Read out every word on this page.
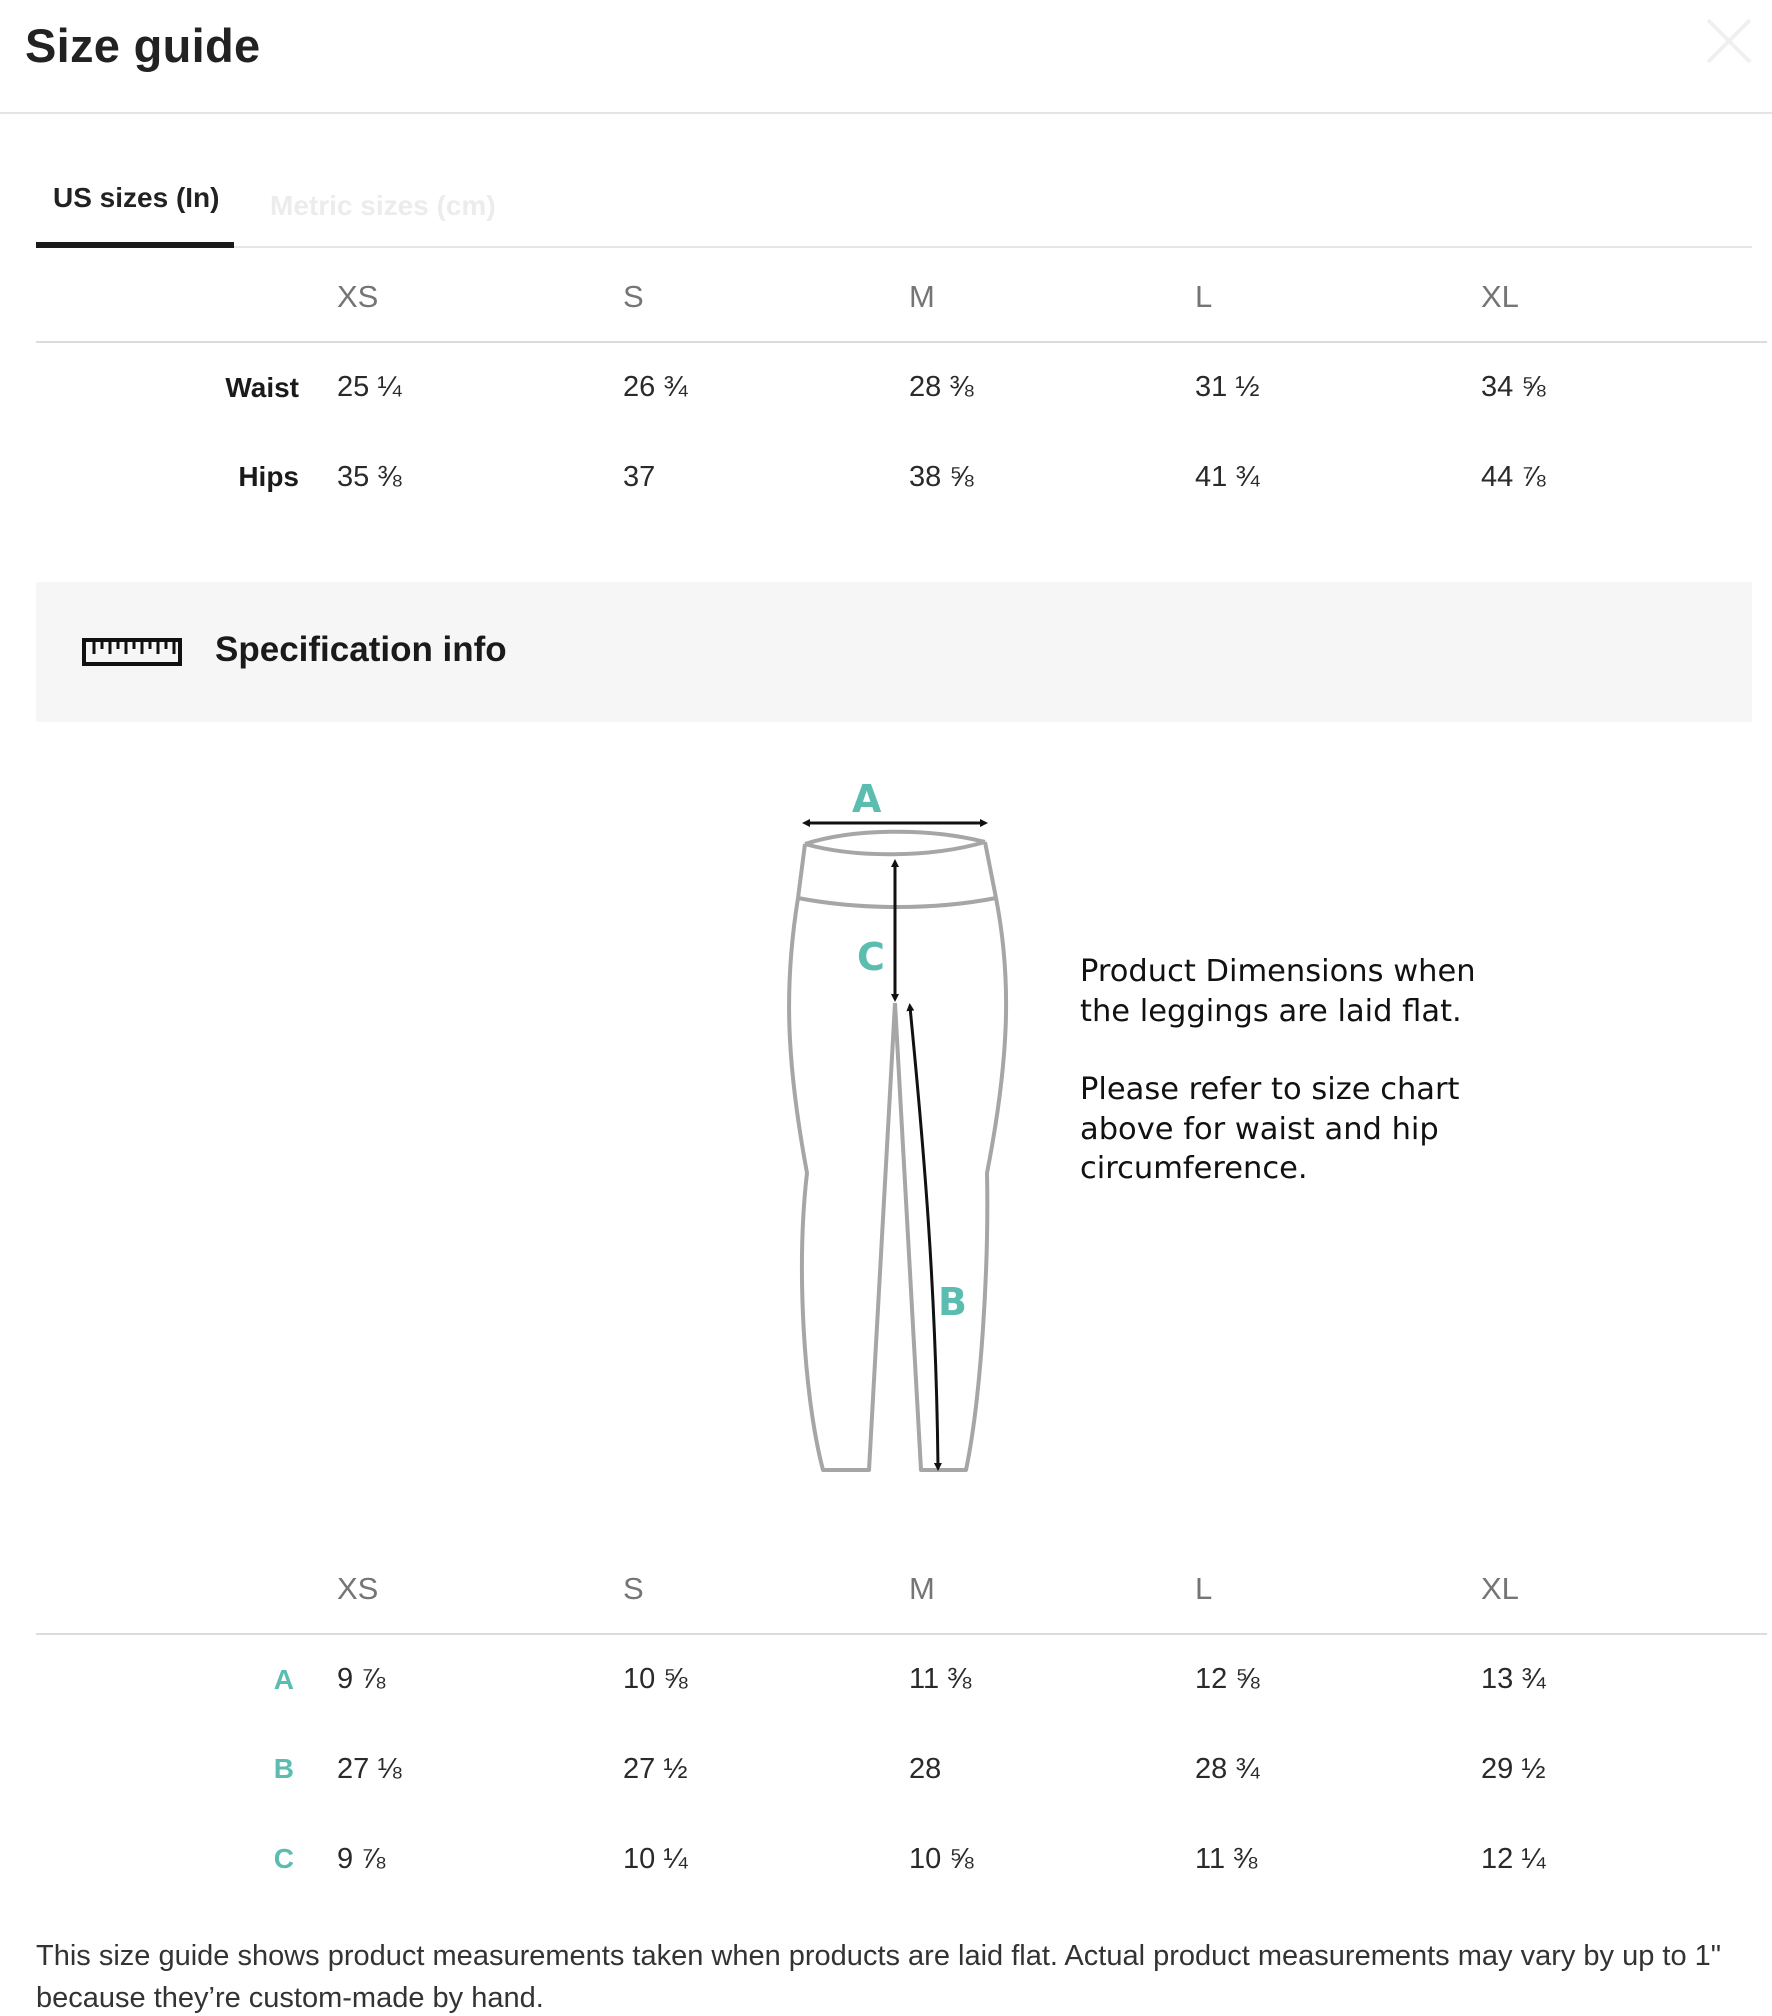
Size guide
US sizes (In)	Metric sizes (cm)
	XS	S	M	L	XL
Waist	25 ¼	26 ¾	28 ⅜	31 ½	34 ⅝
Hips	35 ⅜	37	38 ⅝	41 ¾	44 ⅞
Specification info
A
C
B

Product Dimensions when the leggings are laid flat.

Please refer to size chart above for waist and hip circumference.

	XS	S	M	L	XL
A	9 ⅞	10 ⅝	11 ⅜	12 ⅝	13 ¾
B	27 ⅛	27 ½	28	28 ¾	29 ½
C	9 ⅞	10 ¼	10 ⅝	11 ⅜	12 ¼

This size guide shows product measurements taken when products are laid flat. Actual product measurements may vary by up to 1" because they’re custom-made by hand.
